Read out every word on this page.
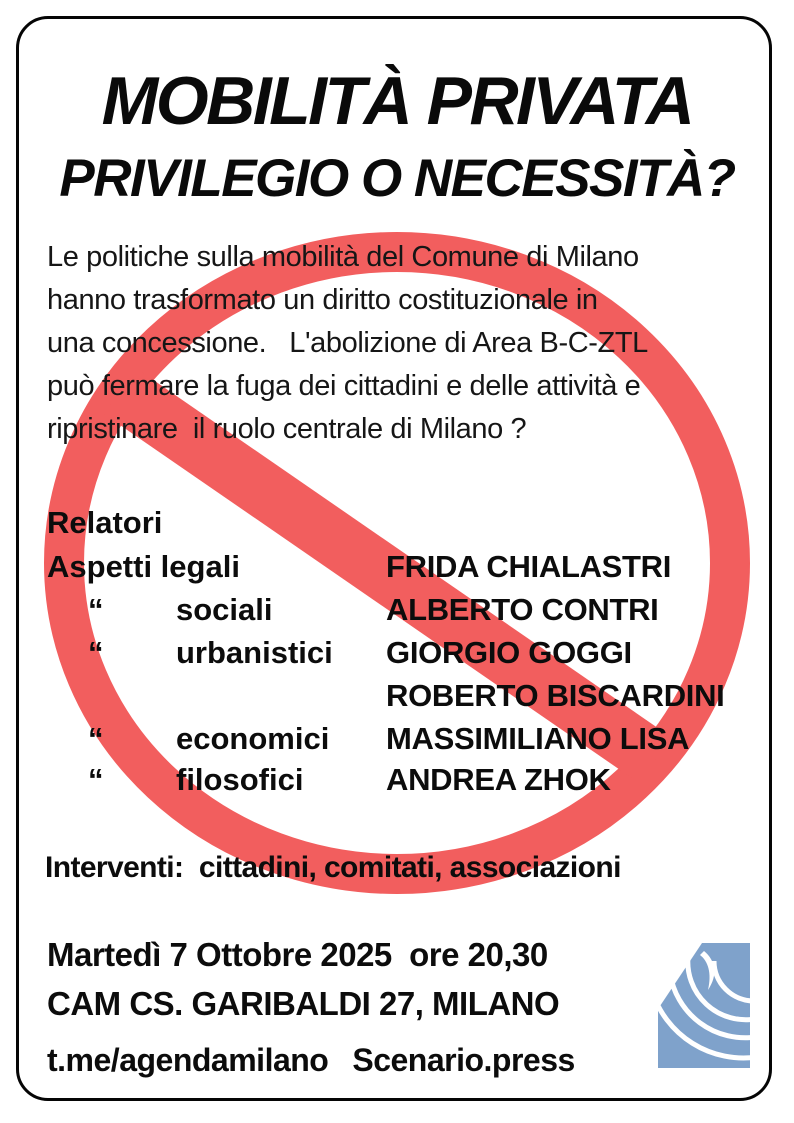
MOBILITÀ PRIVATA
PRIVILEGIO O NECESSITÀ?
Le politiche sulla mobilità del Comune di Milano
hanno trasformato un diritto costituzionale in
una concessione.   L'abolizione di Area B-C-ZTL
può fermare la fuga dei cittadini e delle attività e
ripristinare  il ruolo centrale di Milano ?
Relatori
Aspetti legali	FRIDA CHIALASTRI
“ sociali	ALBERTO CONTRI
“ urbanistici GIORGIO GOGGI
ROBERTO BISCARDINI
“ economici MASSIMILIANO LISA
“ filosofici	ANDREA ZHOK
Interventi:  cittadini, comitati, associazioni
Martedì 7 Ottobre 2025  ore 20,30
CAM CS. GARIBALDI 27, MILANO
t.me/agendamilano Scenario.press
